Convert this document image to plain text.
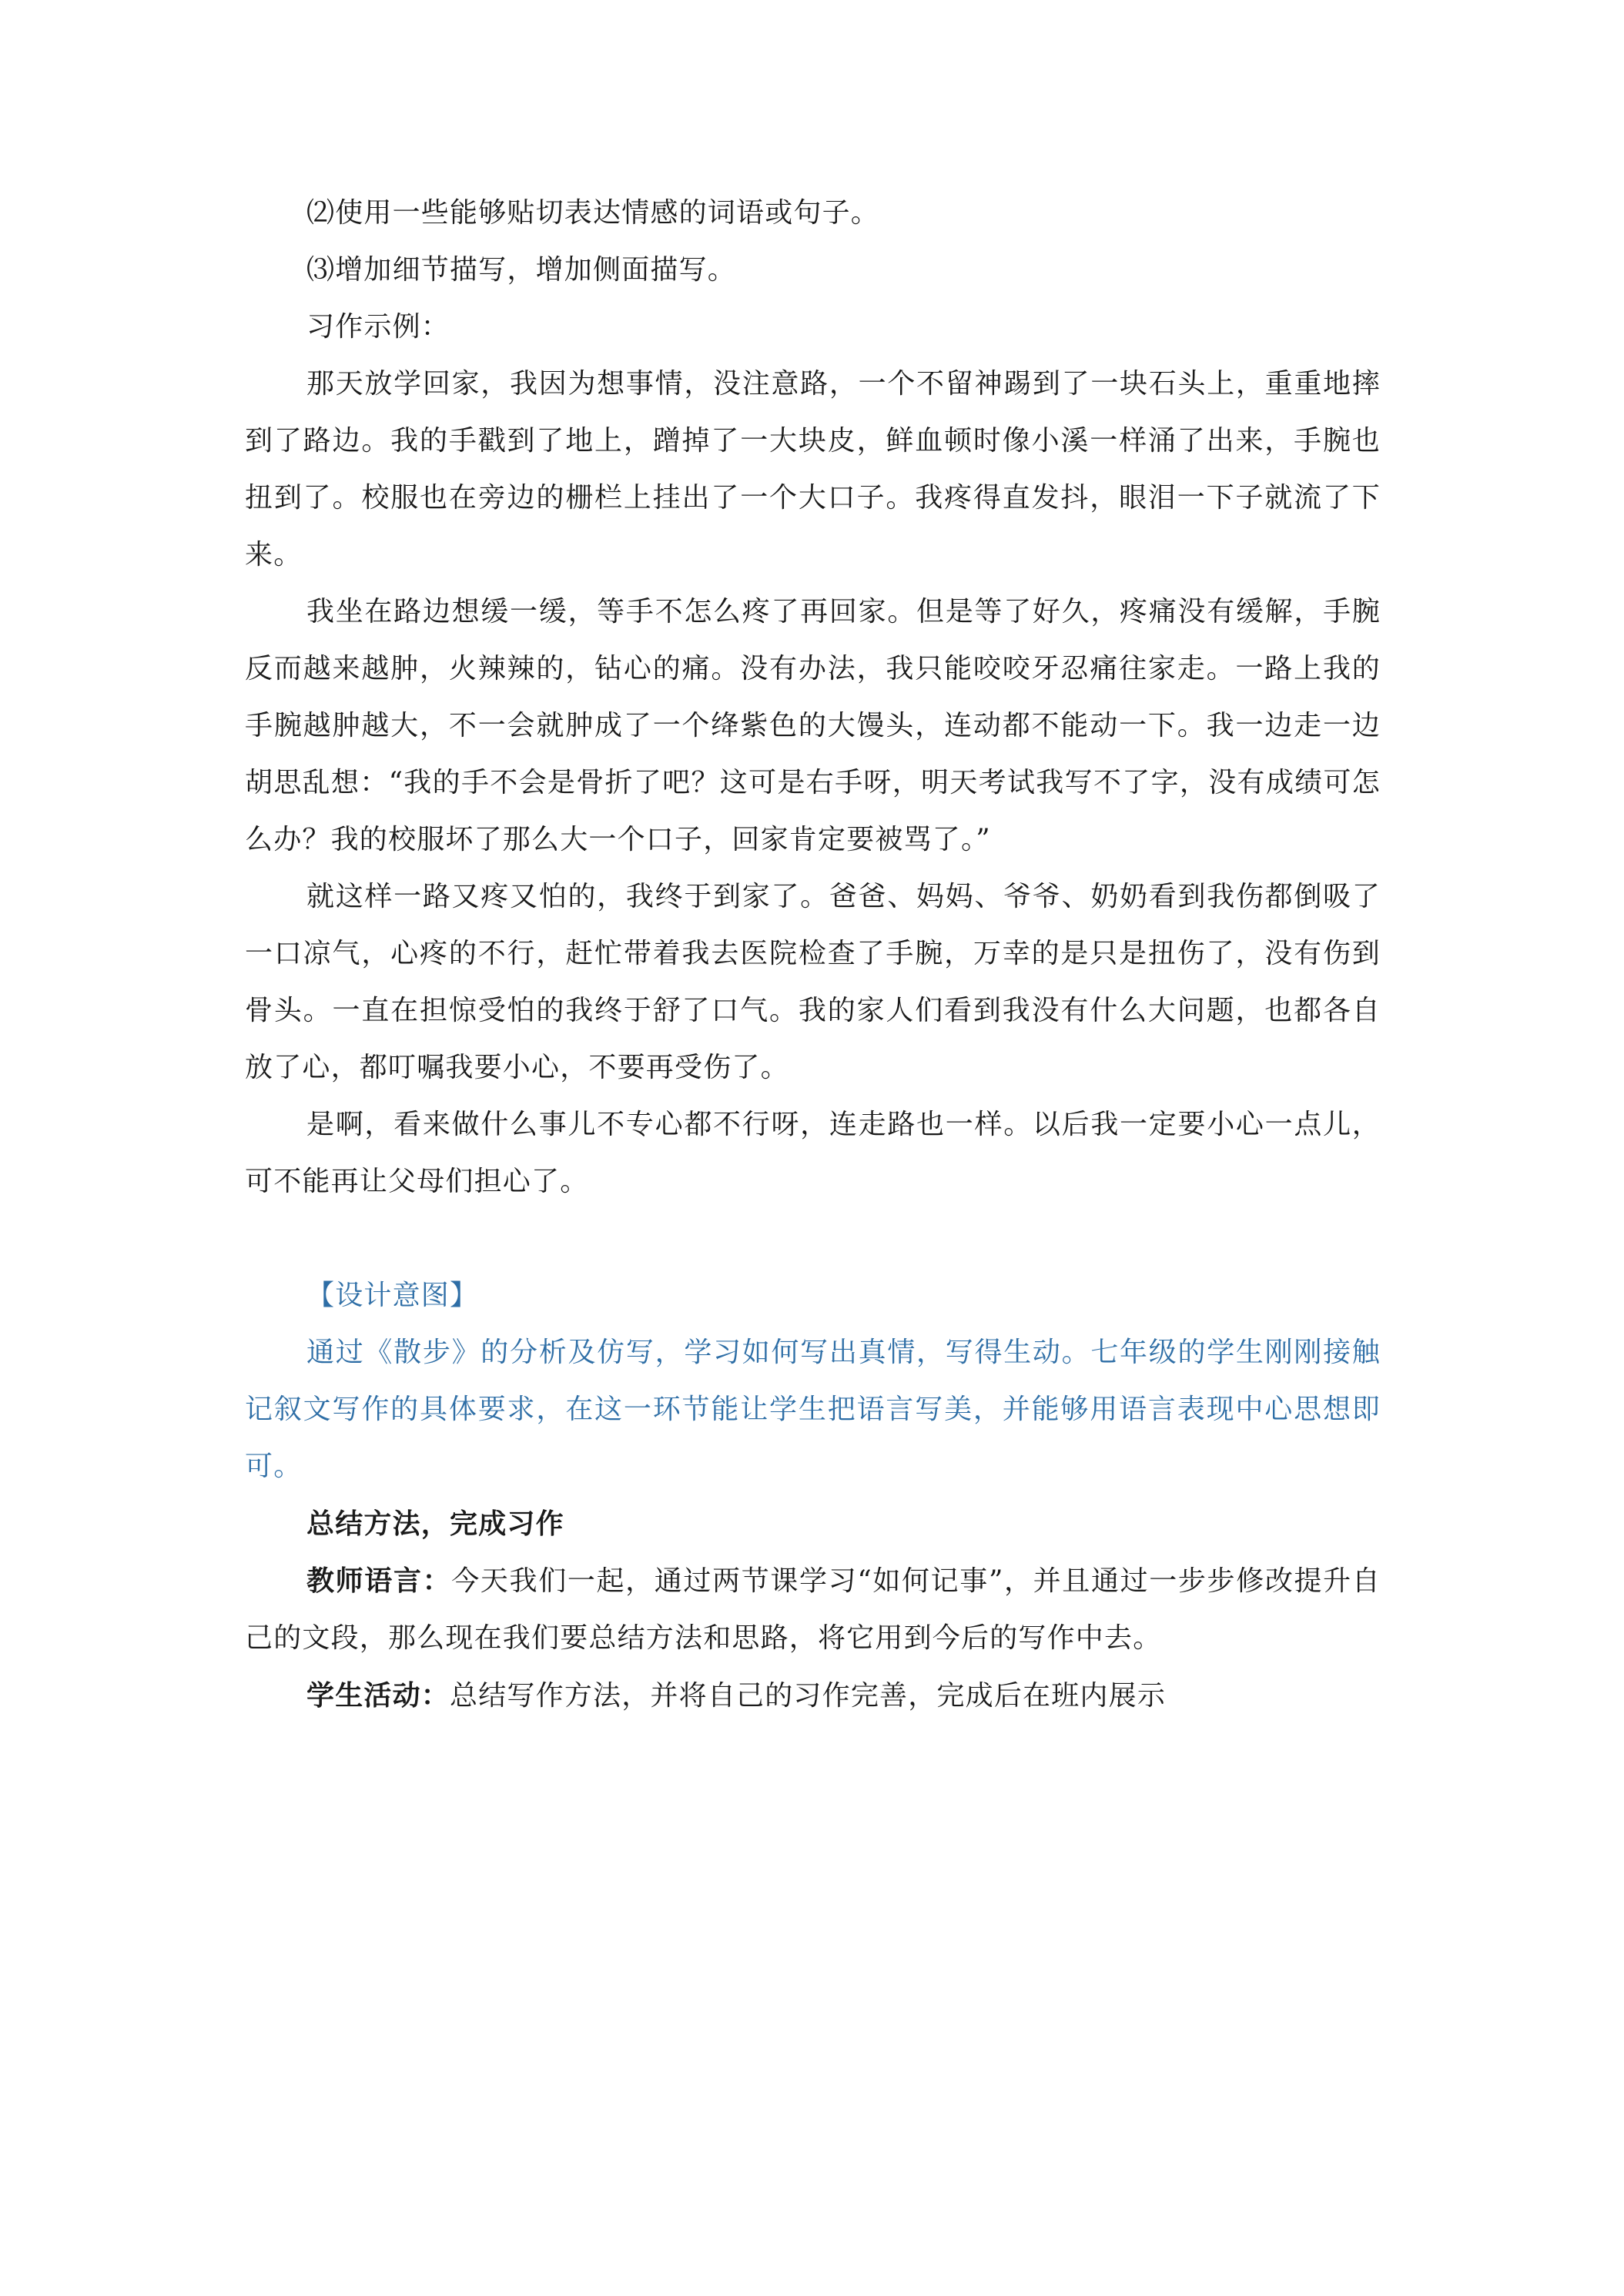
⑵使用一些能够贴切表达情感的词语或句子。

⑶增加细节描写，增加侧面描写。

习作示例：

那天放学回家，我因为想事情，没注意路，一个不留神踢到了一块石头上，重重地摔到了路边。我的手戳到了地上，蹭掉了一大块皮，鲜血顿时像小溪一样涌了出来，手腕也扭到了。校服也在旁边的栅栏上挂出了一个大口子。我疼得直发抖，眼泪一下子就流了下来。

我坐在路边想缓一缓，等手不怎么疼了再回家。但是等了好久，疼痛没有缓解，手腕反而越来越肿，火辣辣的，钻心的痛。没有办法，我只能咬咬牙忍痛往家走。一路上我的手腕越肿越大，不一会就肿成了一个绛紫色的大馒头，连动都不能动一下。我一边走一边胡思乱想：“我的手不会是骨折了吧？这可是右手呀，明天考试我写不了字，没有成绩可怎么办？我的校服坏了那么大一个口子，回家肯定要被骂了。”

就这样一路又疼又怕的，我终于到家了。爸爸、妈妈、爷爷、奶奶看到我伤都倒吸了一口凉气，心疼的不行，赶忙带着我去医院检查了手腕，万幸的是只是扭伤了，没有伤到骨头。一直在担惊受怕的我终于舒了口气。我的家人们看到我没有什么大问题，也都各自放了心，都叮嘱我要小心，不要再受伤了。

是啊，看来做什么事儿不专心都不行呀，连走路也一样。以后我一定要小心一点儿，可不能再让父母们担心了。

【设计意图】

通过《散步》的分析及仿写，学习如何写出真情，写得生动。七年级的学生刚刚接触记叙文写作的具体要求，在这一环节能让学生把语言写美，并能够用语言表现中心思想即可。

总结方法，完成习作

教师语言：今天我们一起，通过两节课学习“如何记事”，并且通过一步步修改提升自己的文段，那么现在我们要总结方法和思路，将它用到今后的写作中去。

学生活动：总结写作方法，并将自己的习作完善，完成后在班内展示
